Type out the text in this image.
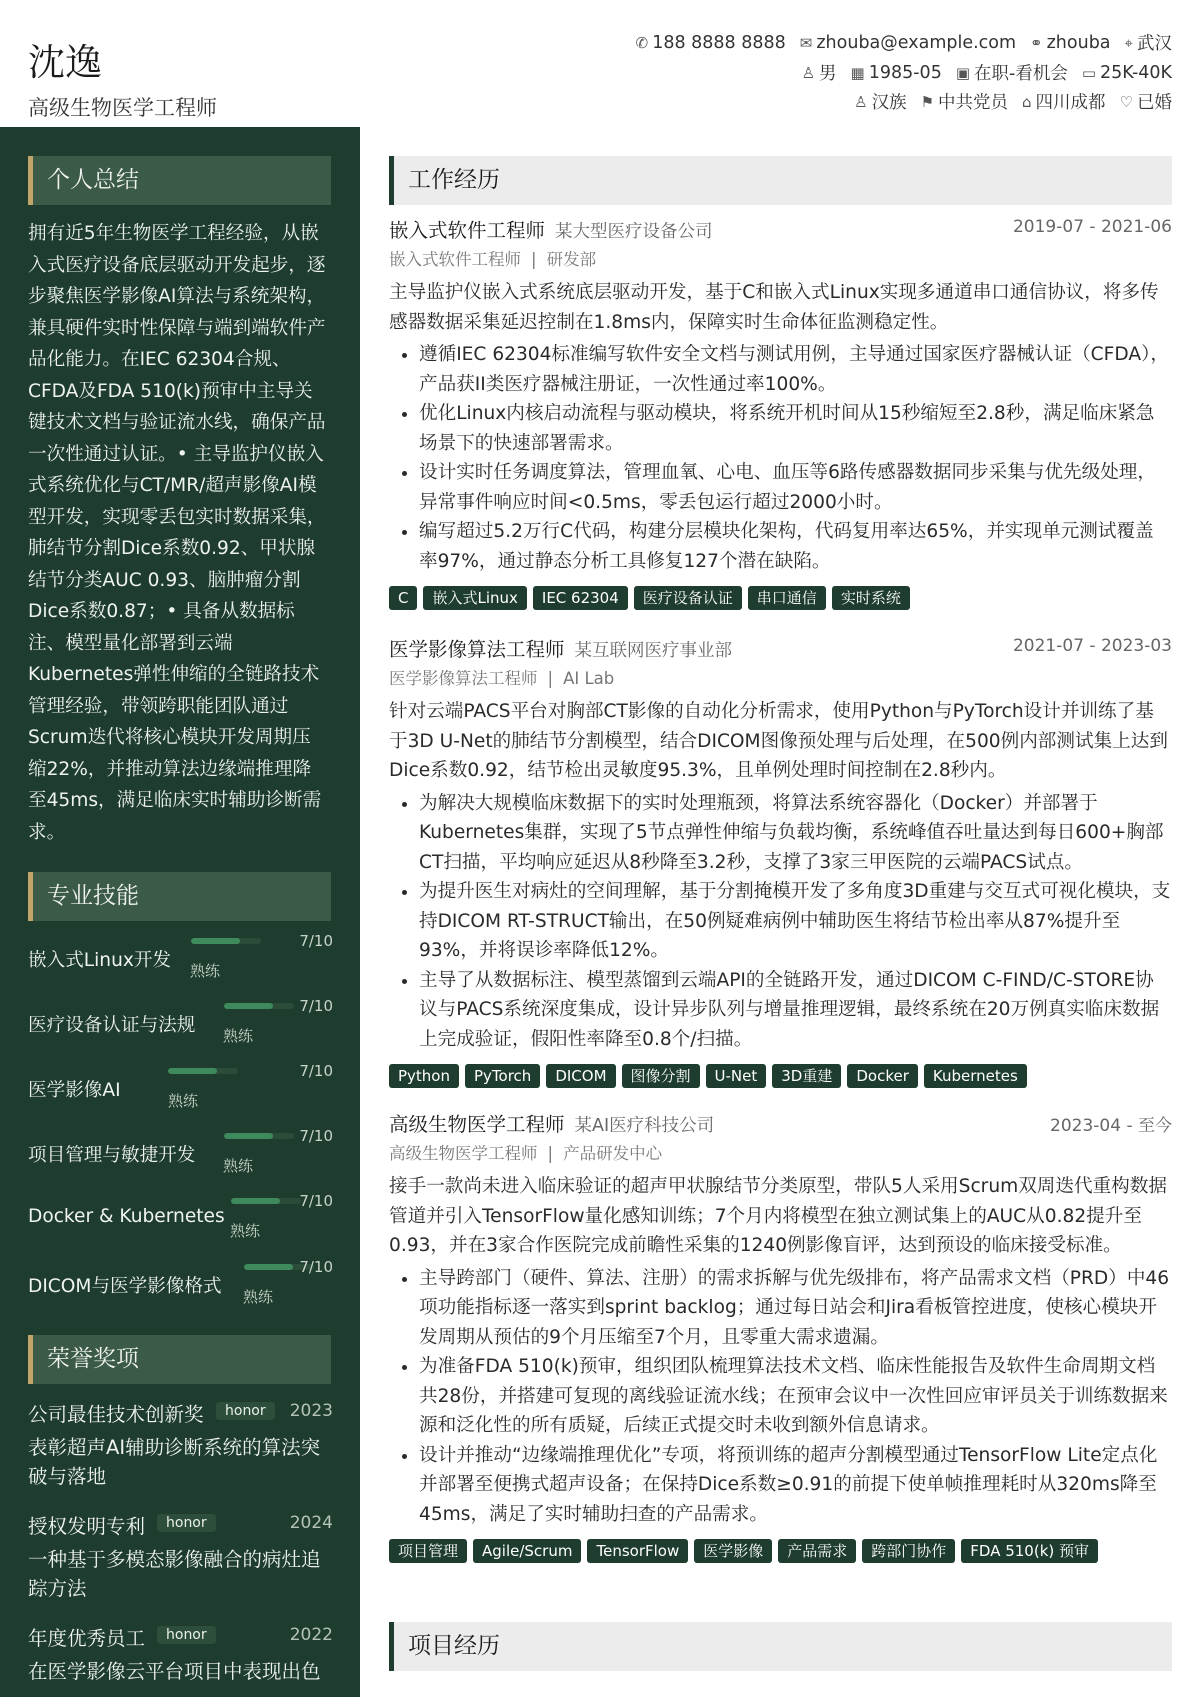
沈逸
高级生物医学工程师
✆ 188 8888 8888 ✉ zhouba@example.com ⚭ zhouba ⌖ 武汉
♙ 男 ▦ 1985-05 ▣ 在职-看机会 ▭ 25K-40K
♙ 汉族 ⚑ 中共党员 ⌂ 四川成都 ♡ 已婚
个人总结
拥有近5年生物医学工程经验，从嵌入式医疗设备底层驱动开发起步，逐步聚焦医学影像AI算法与系统架构，兼具硬件实时性保障与端到端软件产品化能力。在IEC 62304合规、CFDA及FDA 510(k)预审中主导关键技术文档与验证流水线，确保产品一次性通过认证。• 主导监护仪嵌入式系统优化与CT/MR/超声影像AI模型开发，实现零丢包实时数据采集，肺结节分割Dice系数0.92、甲状腺结节分类AUC 0.93、脑肿瘤分割Dice系数0.87；• 具备从数据标注、模型量化部署到云端Kubernetes弹性伸缩的全链路技术管理经验，带领跨职能团队通过Scrum迭代将核心模块开发周期压缩22%，并推动算法边缘端推理降至45ms，满足临床实时辅助诊断需求。
专业技能
嵌入式Linux开发
7/10
熟练
医疗设备认证与法规
7/10
熟练
医学影像AI
7/10
熟练
项目管理与敏捷开发
7/10
熟练
Docker & Kubernetes
7/10
熟练
DICOM与医学影像格式
7/10
熟练
荣誉奖项
公司最佳技术创新奖	honor	2023
表彰超声AI辅助诊断系统的算法突破与落地
授权发明专利	honor	2024
一种基于多模态影像融合的病灶追踪方法
年度优秀员工	honor	2022
在医学影像云平台项目中表现出色
工作经历
嵌入式软件工程师 某大型医疗设备公司	2019-07 - 2021-06
嵌入式软件工程师 | 研发部
主导监护仪嵌入式系统底层驱动开发，基于C和嵌入式Linux实现多通道串口通信协议，将多传感器数据采集延迟控制在1.8ms内，保障实时生命体征监测稳定性。
• 遵循IEC 62304标准编写软件安全文档与测试用例，主导通过国家医疗器械认证（CFDA），产品获II类医疗器械注册证，一次性通过率100%。
• 优化Linux内核启动流程与驱动模块，将系统开机时间从15秒缩短至2.8秒，满足临床紧急场景下的快速部署需求。
• 设计实时任务调度算法，管理血氧、心电、血压等6路传感器数据同步采集与优先级处理，异常事件响应时间<0.5ms，零丢包运行超过2000小时。
• 编写超过5.2万行C代码，构建分层模块化架构，代码复用率达65%，并实现单元测试覆盖率97%，通过静态分析工具修复127个潜在缺陷。
C	嵌入式Linux	IEC 62304	医疗设备认证	串口通信	实时系统
医学影像算法工程师 某互联网医疗事业部	2021-07 - 2023-03
医学影像算法工程师 | AI Lab
针对云端PACS平台对胸部CT影像的自动化分析需求，使用Python与PyTorch设计并训练了基于3D U-Net的肺结节分割模型，结合DICOM图像预处理与后处理，在500例内部测试集上达到Dice系数0.92，结节检出灵敏度95.3%，且单例处理时间控制在2.8秒内。
• 为解决大规模临床数据下的实时处理瓶颈，将算法系统容器化（Docker）并部署于Kubernetes集群，实现了5节点弹性伸缩与负载均衡，系统峰值吞吐量达到每日600+胸部CT扫描，平均响应延迟从8秒降至3.2秒，支撑了3家三甲医院的云端PACS试点。
• 为提升医生对病灶的空间理解，基于分割掩模开发了多角度3D重建与交互式可视化模块，支持DICOM RT-STRUCT输出，在50例疑难病例中辅助医生将结节检出率从87%提升至93%，并将误诊率降低12%。
• 主导了从数据标注、模型蒸馏到云端API的全链路开发，通过DICOM C-FIND/C-STORE协议与PACS系统深度集成，设计异步队列与增量推理逻辑，最终系统在20万例真实临床数据上完成验证，假阳性率降至0.8个/扫描。
Python	PyTorch	DICOM	图像分割	U-Net	3D重建	Docker	Kubernetes
高级生物医学工程师 某AI医疗科技公司	2023-04 - 至今
高级生物医学工程师 | 产品研发中心
接手一款尚未进入临床验证的超声甲状腺结节分类原型，带队5人采用Scrum双周迭代重构数据管道并引入TensorFlow量化感知训练；7个月内将模型在独立测试集上的AUC从0.82提升至0.93，并在3家合作医院完成前瞻性采集的1240例影像盲评，达到预设的临床接受标准。
• 主导跨部门（硬件、算法、注册）的需求拆解与优先级排布，将产品需求文档（PRD）中46项功能指标逐一落实到sprint backlog；通过每日站会和Jira看板管控进度，使核心模块开发周期从预估的9个月压缩至7个月，且零重大需求遗漏。
• 为准备FDA 510(k)预审，组织团队梳理算法技术文档、临床性能报告及软件生命周期文档共28份，并搭建可复现的离线验证流水线；在预审会议中一次性回应审评员关于训练数据来源和泛化性的所有质疑，后续正式提交时未收到额外信息请求。
• 设计并推动“边缘端推理优化”专项，将预训练的超声分割模型通过TensorFlow Lite定点化并部署至便携式超声设备；在保持Dice系数≥0.91的前提下使单帧推理耗时从320ms降至45ms，满足了实时辅助扫查的产品需求。
项目管理	Agile/Scrum	TensorFlow	医学影像	产品需求	跨部门协作	FDA 510(k) 预审
项目经历
